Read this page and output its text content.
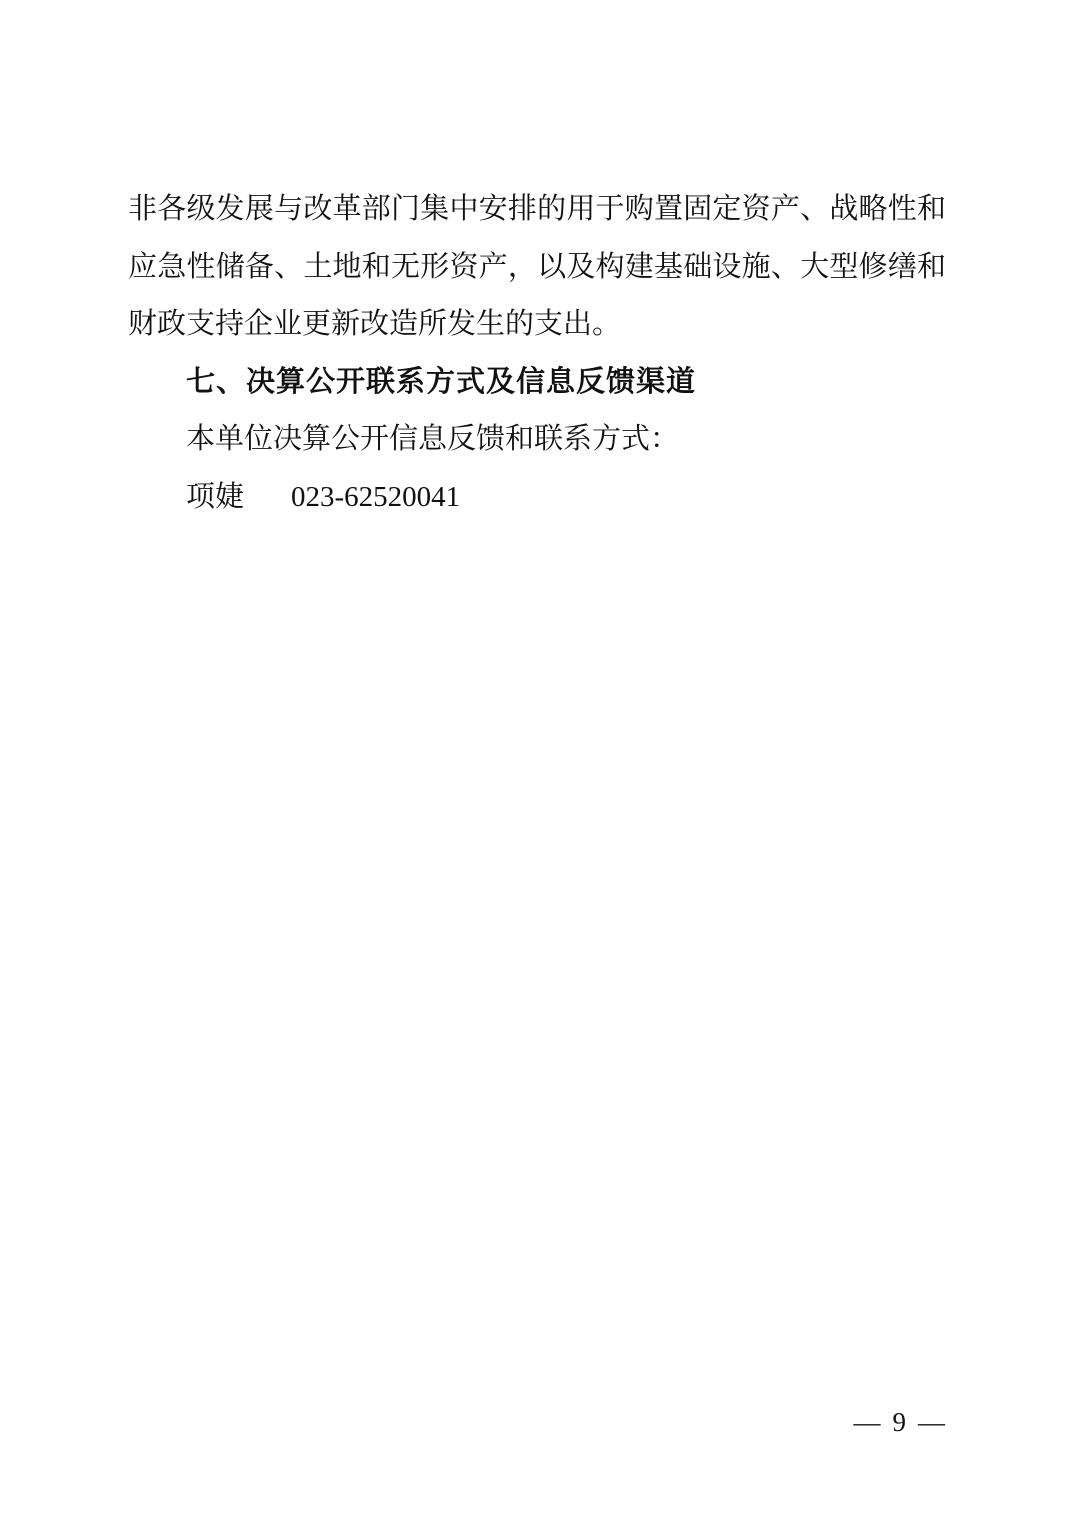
非各级发展与改革部门集中安排的用于购置固定资产、战略性和
应急性储备、土地和无形资产，以及构建基础设施、大型修缮和
财政支持企业更新改造所发生的支出。
七、决算公开联系方式及信息反馈渠道
本单位决算公开信息反馈和联系方式：
项婕 023-62520041
— 9 —
